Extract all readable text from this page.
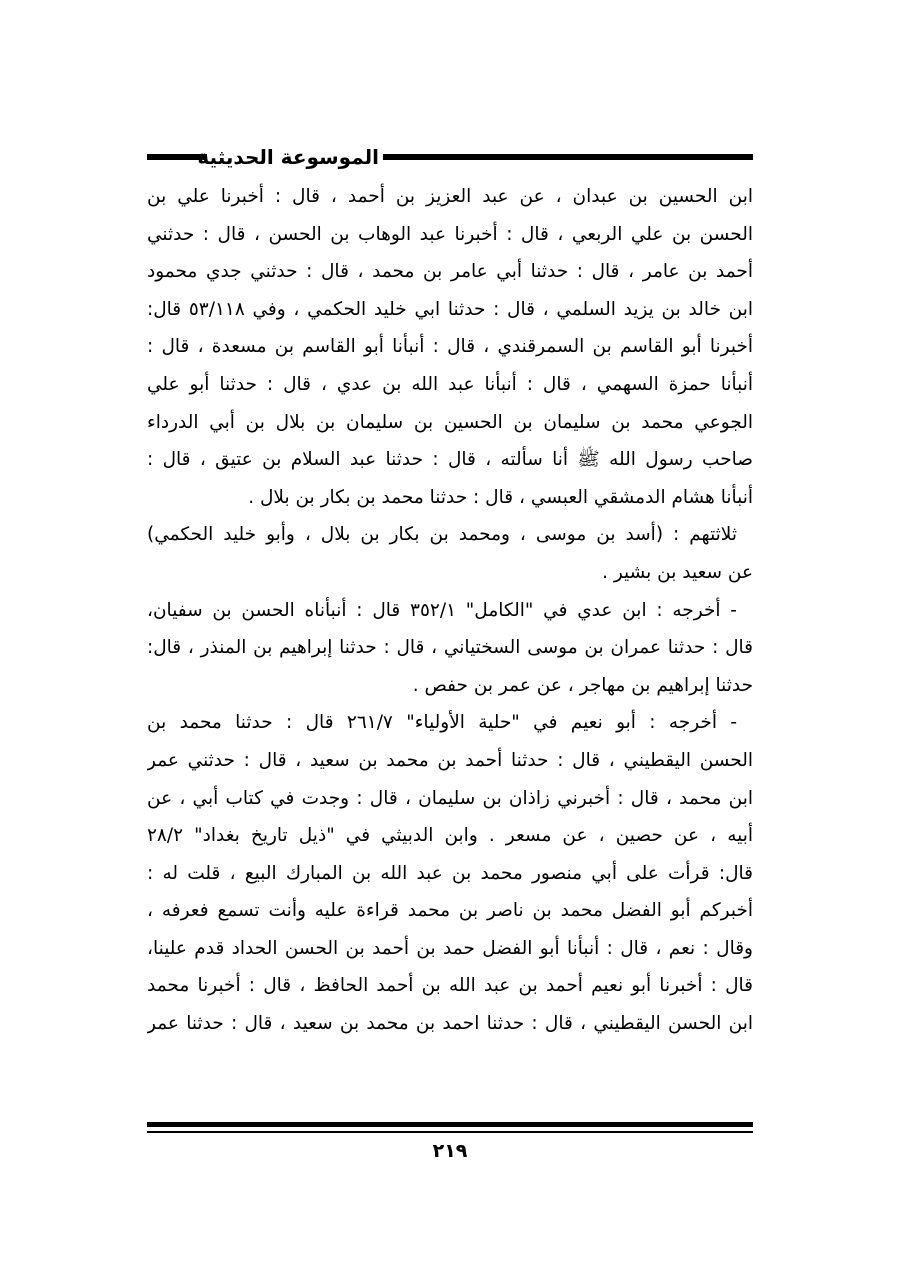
الموسوعة الحديثية
ابن الحسين بن عبدان ، عن عبد العزيز بن أحمد ، قال : أخبرنا علي بن
الحسن بن علي الربعي ، قال : أخبرنا عبد الوهاب بن الحسن ، قال : حدثني
أحمد بن عامر ، قال : حدثنا أبي عامر بن محمد ، قال : حدثني جدي محمود
ابن خالد بن يزيد السلمي ، قال : حدثنا ابي خليد الحكمي ، وفي ٥٣/١١٨ قال:
أخبرنا أبو القاسم بن السمرقندي ، قال : أنبأنا أبو القاسم بن مسعدة ، قال :
أنبأنا حمزة السهمي ، قال : أنبأنا عبد الله بن عدي ، قال : حدثنا أبو علي
الجوعي محمد بن سليمان بن الحسين بن سليمان بن بلال بن أبي الدرداء
صاحب رسول الله ﷺ أنا سألته ، قال : حدثنا عبد السلام بن عتيق ، قال :
أنبأنا هشام الدمشقي العبسي ، قال : حدثنا محمد بن بكار بن بلال .
ثلاثتهم : (أسد بن موسى ، ومحمد بن بكار بن بلال ، وأبو خليد الحكمي)
عن سعيد بن بشير .
- أخرجه : ابن عدي في "الكامل" ٣٥٢/١ قال : أنبأناه الحسن بن سفيان،
قال : حدثنا عمران بن موسى السختياني ، قال : حدثنا إبراهيم بن المنذر ، قال:
حدثنا إبراهيم بن مهاجر ، عن عمر بن حفص .
- أخرجه : أبو نعيم في "حلية الأولياء" ٢٦١/٧ قال : حدثنا محمد بن
الحسن اليقطيني ، قال : حدثنا أحمد بن محمد بن سعيد ، قال : حدثني عمر
ابن محمد ، قال : أخبرني زاذان بن سليمان ، قال : وجدت في كتاب أبي ، عن
أبيه ، عن حصين ، عن مسعر . وابن الدبيثي في "ذيل تاريخ بغداد" ٢٨/٢
قال: قرأت على أبي منصور محمد بن عبد الله بن المبارك البيع ، قلت له :
أخبركم أبو الفضل محمد بن ناصر بن محمد قراءة عليه وأنت تسمع فعرفه ،
وقال : نعم ، قال : أنبأنا أبو الفضل حمد بن أحمد بن الحسن الحداد قدم علينا،
قال : أخبرنا أبو نعيم أحمد بن عبد الله بن أحمد الحافظ ، قال : أخبرنا محمد
ابن الحسن اليقطيني ، قال : حدثنا احمد بن محمد بن سعيد ، قال : حدثنا عمر
٢١٩
